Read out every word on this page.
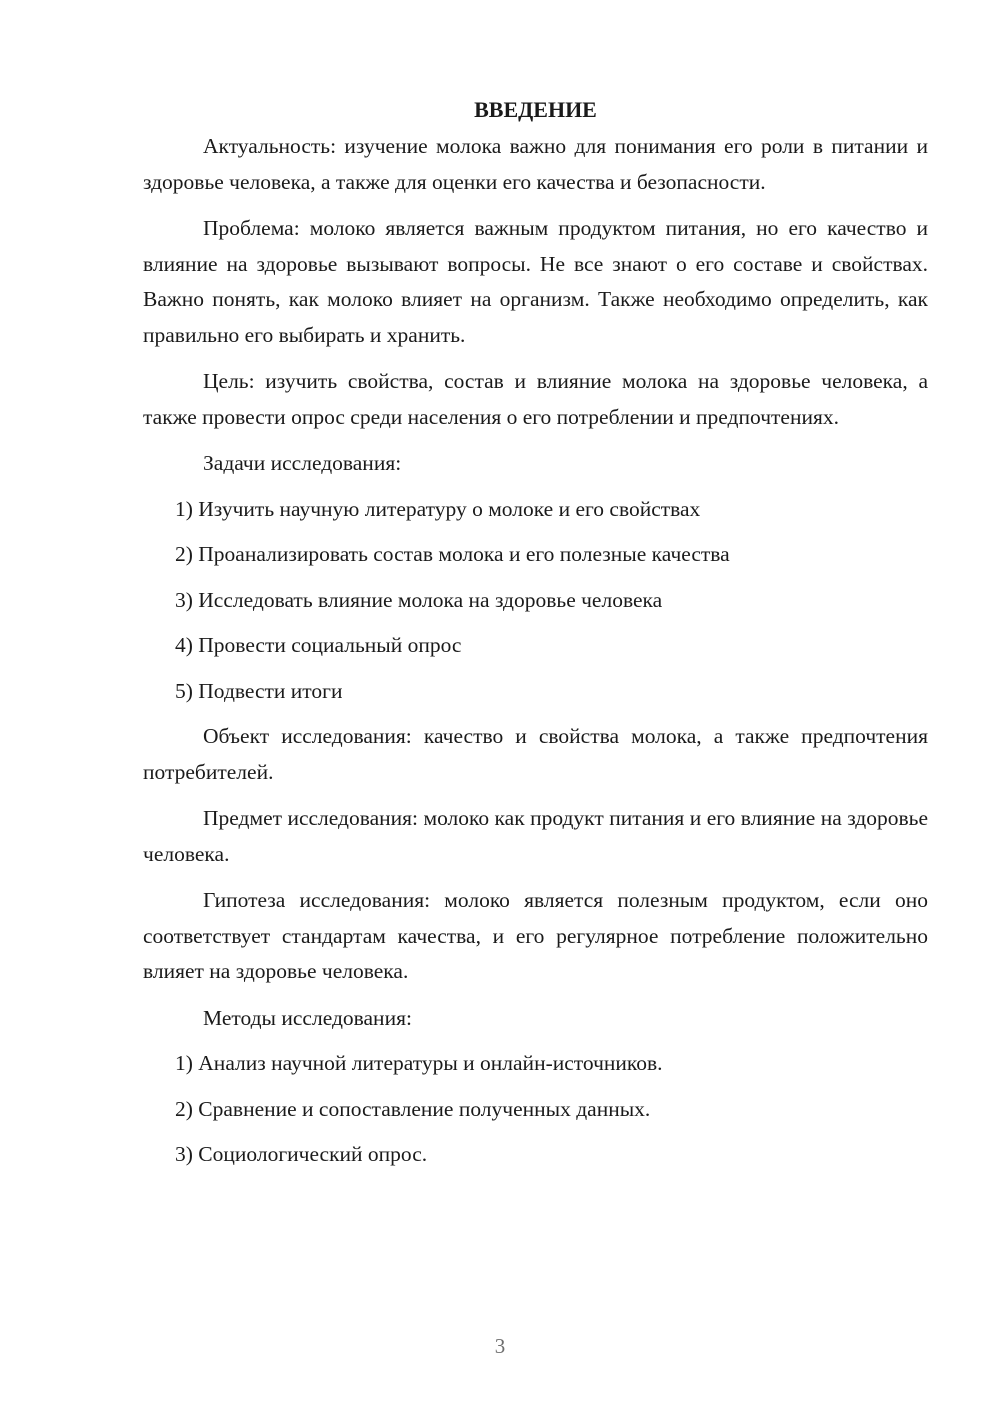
ВВЕДЕНИЕ

Актуальность: изучение молока важно для понимания его роли в питании и здоровье человека, а также для оценки его качества и безопасности.

Проблема: молоко является важным продуктом питания, но его качество и влияние на здоровье вызывают вопросы. Не все знают о его составе и свойствах. Важно понять, как молоко влияет на организм. Также необходимо определить, как правильно его выбирать и хранить.

Цель: изучить свойства, состав и влияние молока на здоровье человека, а также провести опрос среди населения о его потреблении и предпочтениях.

Задачи исследования:

1) Изучить научную литературу о молоке и его свойствах
2) Проанализировать состав молока и его полезные качества
3) Исследовать влияние молока на здоровье человека
4) Провести социальный опрос
5) Подвести итоги

Объект исследования: качество и свойства молока, а также предпочтения потребителей.

Предмет исследования: молоко как продукт питания и его влияние на здоровье человека.

Гипотеза исследования: молоко является полезным продуктом, если оно соответствует стандартам качества, и его регулярное потребление положительно влияет на здоровье человека.

Методы исследования:

1) Анализ научной литературы и онлайн-источников.
2) Сравнение и сопоставление полученных данных.
3) Социологический опрос.
3
